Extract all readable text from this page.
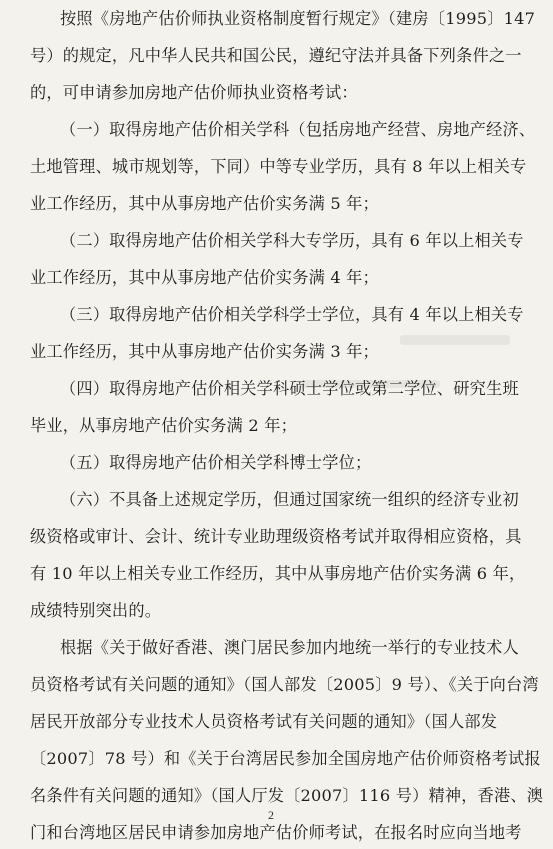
按照《房地产估价师执业资格制度暂行规定》（建房〔1995〕147
号）的规定，凡中华人民共和国公民，遵纪守法并具备下列条件之一
的，可申请参加房地产估价师执业资格考试：
（一）取得房地产估价相关学科（包括房地产经营、房地产经济、
土地管理、城市规划等，下同）中等专业学历，具有 8 年以上相关专
业工作经历，其中从事房地产估价实务满 5 年；
（二）取得房地产估价相关学科大专学历，具有 6 年以上相关专
业工作经历，其中从事房地产估价实务满 4 年；
（三）取得房地产估价相关学科学士学位，具有 4 年以上相关专
业工作经历，其中从事房地产估价实务满 3 年；
（四）取得房地产估价相关学科硕士学位或第二学位、研究生班
毕业，从事房地产估价实务满 2 年；
（五）取得房地产估价相关学科博士学位；
（六）不具备上述规定学历，但通过国家统一组织的经济专业初
级资格或审计、会计、统计专业助理级资格考试并取得相应资格，具
有 10 年以上相关专业工作经历，其中从事房地产估价实务满 6 年，
成绩特别突出的。
根据《关于做好香港、澳门居民参加内地统一举行的专业技术人
员资格考试有关问题的通知》（国人部发〔2005〕9 号）、《关于向台湾
居民开放部分专业技术人员资格考试有关问题的通知》（国人部发
〔2007〕78 号）和《关于台湾居民参加全国房地产估价师资格考试报
名条件有关问题的通知》（国人厅发〔2007〕116 号）精神，香港、澳
门和台湾地区居民申请参加房地产估价师考试，在报名时应向当地考
2
